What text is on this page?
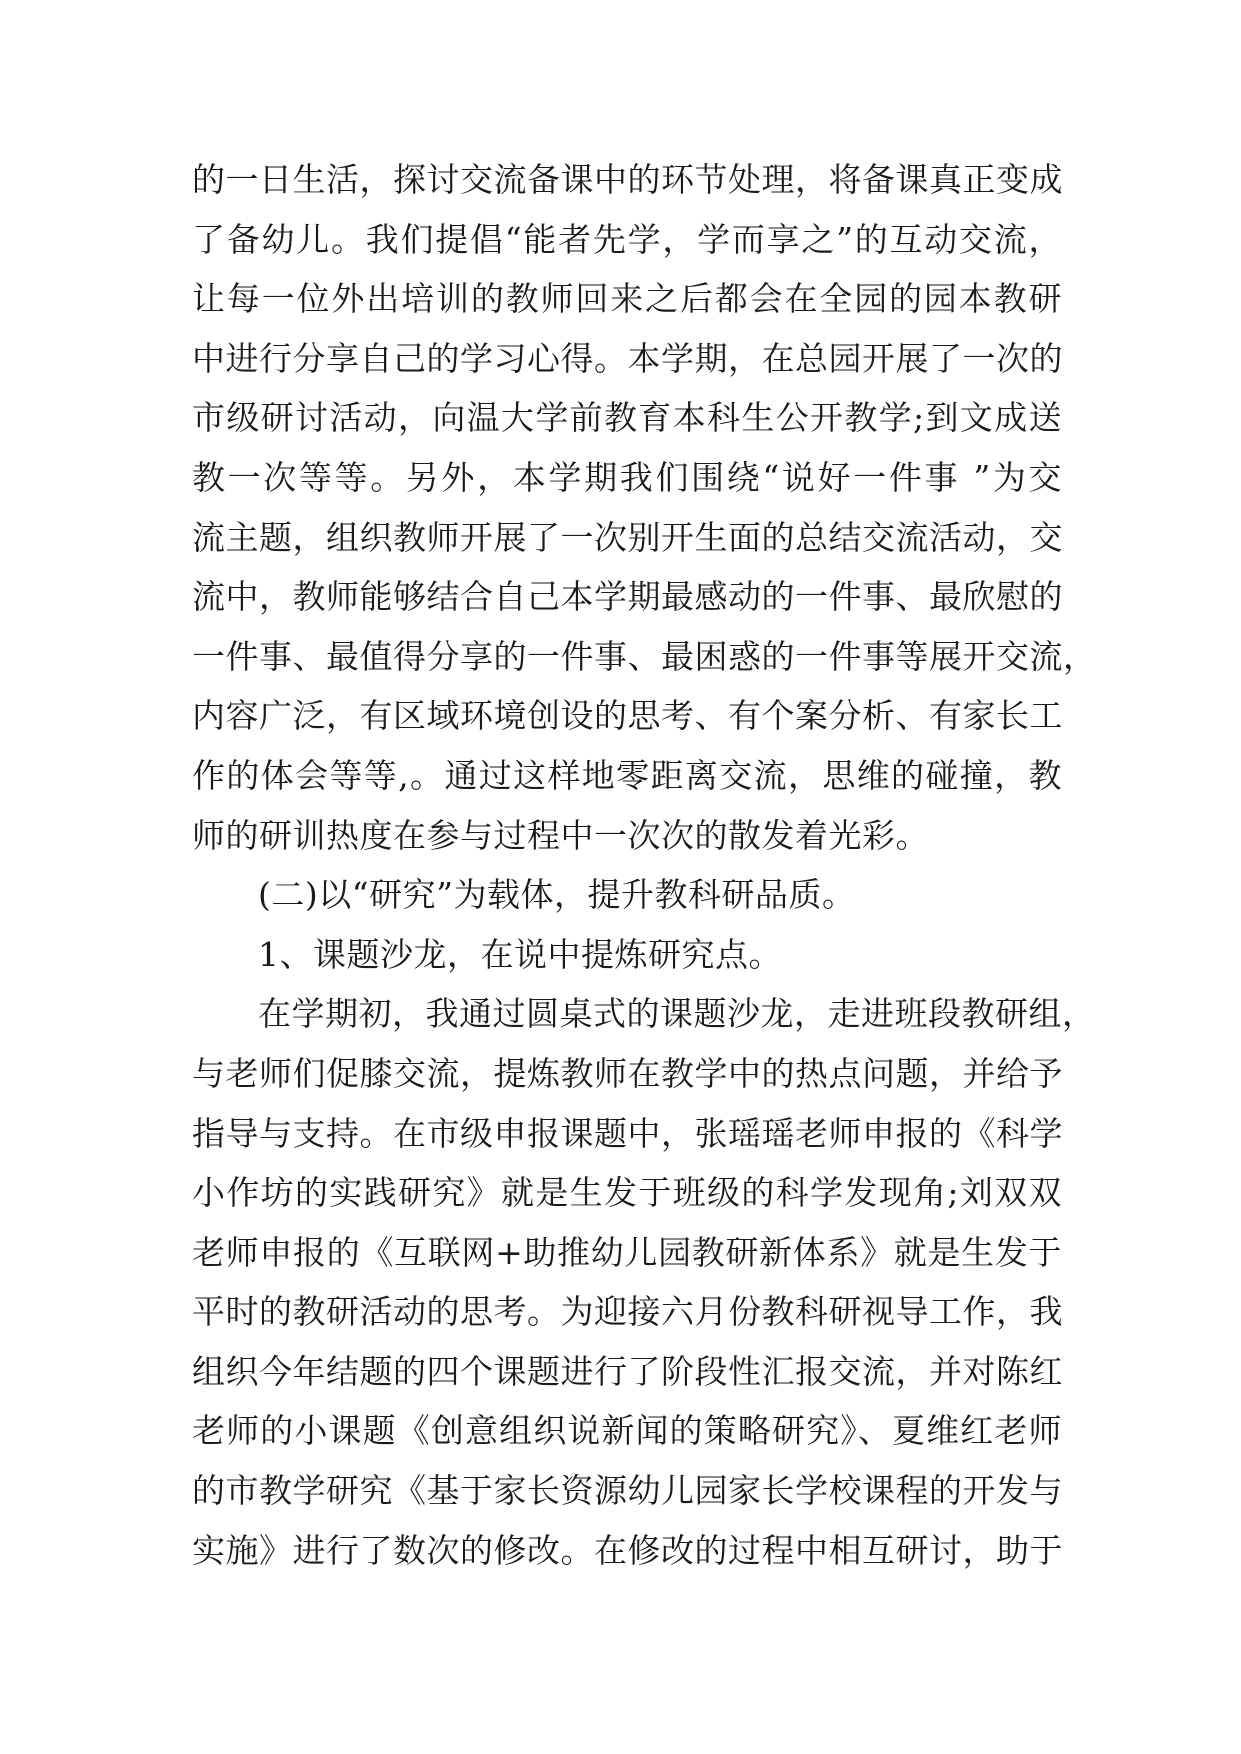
的一日生活，探讨交流备课中的环节处理，将备课真正变成
了备幼儿。我们提倡“能者先学，学而享之”的互动交流，
让每一位外出培训的教师回来之后都会在全园的园本教研
中进行分享自己的学习心得。本学期，在总园开展了一次的
市级研讨活动，向温大学前教育本科生公开教学;到文成送
教一次等等。另外，本学期我们围绕“说好一件事 ”为交
流主题，组织教师开展了一次别开生面的总结交流活动，交
流中，教师能够结合自己本学期最感动的一件事、最欣慰的
一件事、最值得分享的一件事、最困惑的一件事等展开交流，
内容广泛，有区域环境创设的思考、有个案分析、有家长工
作的体会等等,。通过这样地零距离交流，思维的碰撞，教
师的研训热度在参与过程中一次次的散发着光彩。
(二)以“研究”为载体，提升教科研品质。
1、课题沙龙，在说中提炼研究点。
在学期初，我通过圆桌式的课题沙龙，走进班段教研组，
与老师们促膝交流，提炼教师在教学中的热点问题，并给予
指导与支持。在市级申报课题中，张瑶瑶老师申报的《科学
小作坊的实践研究》就是生发于班级的科学发现角;刘双双
老师申报的《互联网+助推幼儿园教研新体系》就是生发于
平时的教研活动的思考。为迎接六月份教科研视导工作，我
组织今年结题的四个课题进行了阶段性汇报交流，并对陈红
老师的小课题《创意组织说新闻的策略研究》、夏维红老师
的市教学研究《基于家长资源幼儿园家长学校课程的开发与
实施》进行了数次的修改。在修改的过程中相互研讨，助于
